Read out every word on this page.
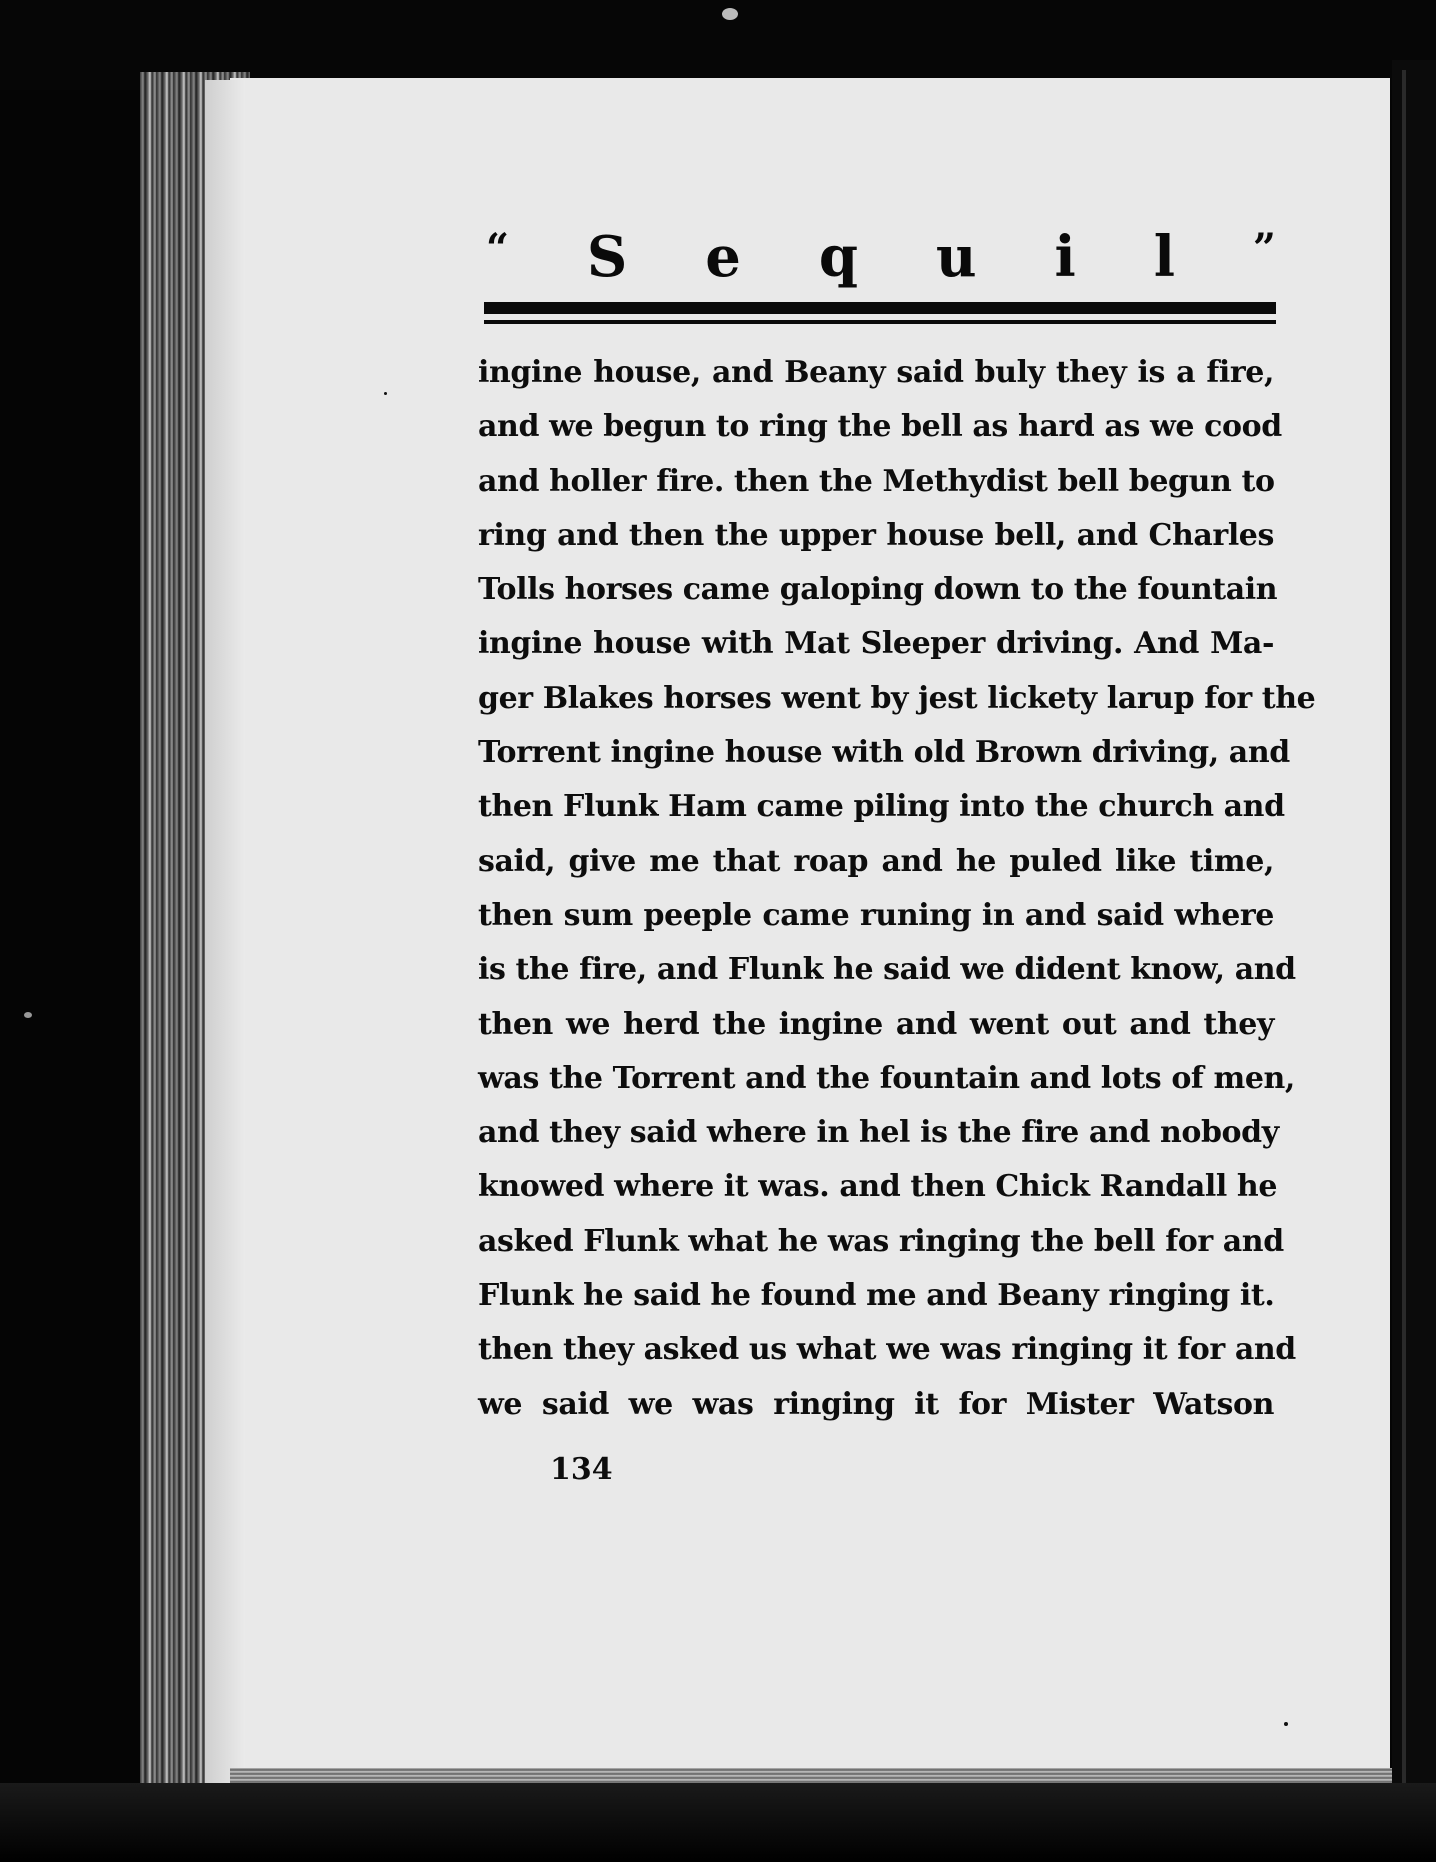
“ S e q u i l ”
ingine house, and Beany said buly they is a fire,
and we begun to ring the bell as hard as we cood
and holler fire. then the Methydist bell begun to
ring and then the upper house bell, and Charles
Tolls horses came galoping down to the fountain
ingine house with Mat Sleeper driving. And Ma-
ger Blakes horses went by jest lickety larup for the
Torrent ingine house with old Brown driving, and
then Flunk Ham came piling into the church and
said, give me that roap and he puled like time,
then sum peeple came runing in and said where
is the fire, and Flunk he said we dident know, and
then we herd the ingine and went out and they
was the Torrent and the fountain and lots of men,
and they said where in hel is the fire and nobody
knowed where it was. and then Chick Randall he
asked Flunk what he was ringing the bell for and
Flunk he said he found me and Beany ringing it.
then they asked us what we was ringing it for and
we said we was ringing it for Mister Watson
134
